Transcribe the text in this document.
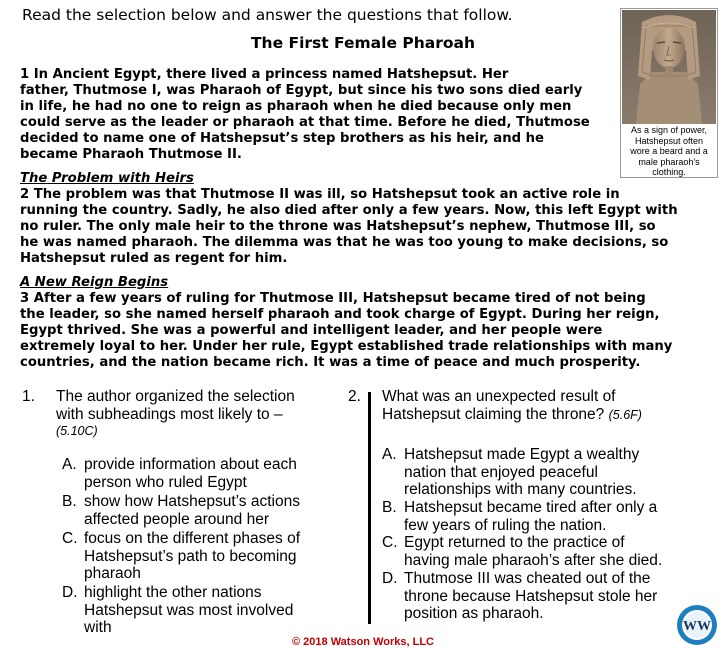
Read the selection below and answer the questions that follow.
The First Female Pharoah
1 In Ancient Egypt, there lived a princess named Hatshepsut. Her
father, Thutmose I, was Pharaoh of Egypt, but since his two sons died early
in life, he had no one to reign as pharaoh when he died because only men
could serve as the leader or pharaoh at that time. Before he died, Thutmose
decided to name one of Hatshepsut’s step brothers as his heir, and he
became Pharaoh Thutmose II.
The Problem with Heirs
2 The problem was that Thutmose II was ill, so Hatshepsut took an active role in
running the country. Sadly, he also died after only a few years. Now, this left Egypt with
no ruler. The only male heir to the throne was Hatshepsut’s nephew, Thutmose III, so
he was named pharaoh. The dilemma was that he was too young to make decisions, so
Hatshepsut ruled as regent for him.
A New Reign Begins
3 After a few years of ruling for Thutmose III, Hatshepsut became tired of not being
the leader, so she named herself pharaoh and took charge of Egypt. During her reign,
Egypt thrived. She was a powerful and intelligent leader, and her people were
extremely loyal to her. Under her rule, Egypt established trade relationships with many
countries, and the nation became rich. It was a time of peace and much prosperity.
As a sign of power,
Hatshepsut often
wore a beard and a
male pharaoh’s
clothing.
1. The author organized the selection
with subheadings most likely to –
(5.10C)
A. provide information about each
person who ruled Egypt
B. show how Hatshepsut’s actions
affected people around her
C. focus on the different phases of
Hatshepsut’s path to becoming
pharaoh
D. highlight the other nations
Hatshepsut was most involved
with
2. What was an unexpected result of
Hatshepsut claiming the throne? (5.6F)
A. Hatshepsut made Egypt a wealthy
nation that enjoyed peaceful
relationships with many countries.
B. Hatshepsut became tired after only a
few years of ruling the nation.
C. Egypt returned to the practice of
having male pharaoh’s after she died.
D. Thutmose III was cheated out of the
throne because Hatshepsut stole her
position as pharaoh.
WW
© 2018 Watson Works, LLC
